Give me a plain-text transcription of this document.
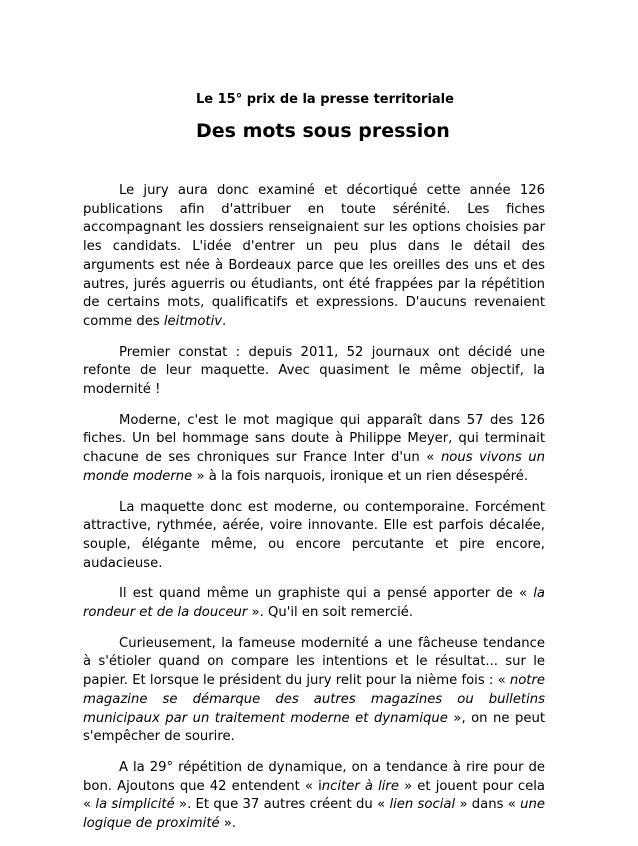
Le 15° prix de la presse territoriale
Des mots sous pression

Le jury aura donc examiné et décortiqué cette année 126 publications afin d'attribuer en toute sérénité. Les fiches accompagnant les dossiers renseignaient sur les options choisies par les candidats. L'idée d'entrer un peu plus dans le détail des arguments est née à Bordeaux parce que les oreilles des uns et des autres, jurés aguerris ou étudiants, ont été frappées par la répétition de certains mots, qualificatifs et expressions. D'aucuns revenaient comme des leitmotiv.

Premier constat : depuis 2011, 52 journaux ont décidé une refonte de leur maquette. Avec quasiment le même objectif, la modernité !

Moderne, c'est le mot magique qui apparaît dans 57 des 126 fiches. Un bel hommage sans doute à Philippe Meyer, qui terminait chacune de ses chroniques sur France Inter d'un « nous vivons un monde moderne » à la fois narquois, ironique et un rien désespéré.

La maquette donc est moderne, ou contemporaine. Forcément attractive, rythmée, aérée, voire innovante. Elle est parfois décalée, souple, élégante même, ou encore percutante et pire encore, audacieuse.

Il est quand même un graphiste qui a pensé apporter de « la rondeur et de la douceur ». Qu'il en soit remercié.

Curieusement, la fameuse modernité a une fâcheuse tendance à s'étioler quand on compare les intentions et le résultat... sur le papier. Et lorsque le président du jury relit pour la nième fois : « notre magazine se démarque des autres magazines ou bulletins municipaux par un traitement moderne et dynamique », on ne peut s'empêcher de sourire.

A la 29° répétition de dynamique, on a tendance à rire pour de bon. Ajoutons que 42 entendent « inciter à lire » et jouent pour cela « la simplicité ». Et que 37 autres créent du « lien social » dans « une logique de proximité ».
